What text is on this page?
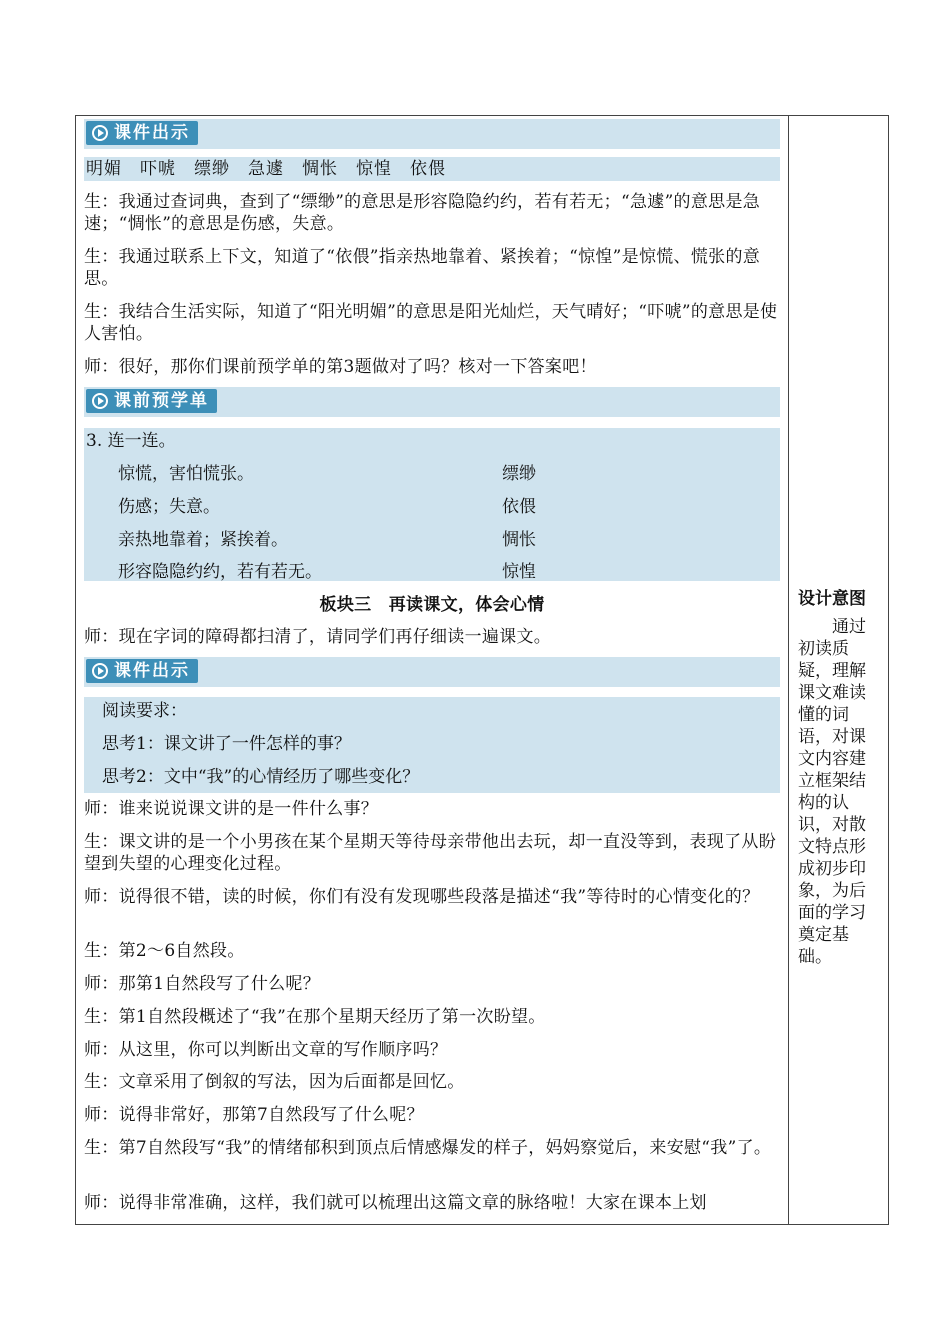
课件出示
明媚　吓唬　缥缈　急遽　惆怅　惊惶　依偎
生：我通过查词典，查到了“缥缈”的意思是形容隐隐约约，若有若无；“急遽”的意思是急速；“惆怅”的意思是伤感，失意。
生：我通过联系上下文，知道了“依偎”指亲热地靠着、紧挨着；“惊惶”是惊慌、慌张的意思。
生：我结合生活实际，知道了“阳光明媚”的意思是阳光灿烂，天气晴好；“吓唬”的意思是使人害怕。
师：很好，那你们课前预学单的第3题做对了吗？核对一下答案吧！
课前预学单
3. 连一连。
惊慌，害怕慌张。
伤感；失意。
亲热地靠着；紧挨着。
形容隐隐约约，若有若无。
缥缈
依偎
惆怅
惊惶
板块三　再读课文，体会心情
师：现在字词的障碍都扫清了，请同学们再仔细读一遍课文。
课件出示
阅读要求：
思考1：课文讲了一件怎样的事？
思考2：文中“我”的心情经历了哪些变化？
师：谁来说说课文讲的是一件什么事？
生：课文讲的是一个小男孩在某个星期天等待母亲带他出去玩，却一直没等到，表现了从盼望到失望的心理变化过程。
师：说得很不错，读的时候，你们有没有发现哪些段落是描述“我”等待时的心情变化的？
生：第2～6自然段。
师：那第1自然段写了什么呢？
生：第1自然段概述了“我”在那个星期天经历了第一次盼望。
师：从这里，你可以判断出文章的写作顺序吗？
生：文章采用了倒叙的写法，因为后面都是回忆。
师：说得非常好，那第7自然段写了什么呢？
生：第7自然段写“我”的情绪郁积到顶点后情感爆发的样子，妈妈察觉后，来安慰“我”了。
师：说得非常准确，这样，我们就可以梳理出这篇文章的脉络啦！大家在课本上划
设计意图
通过初读质疑，理解课文难读懂的词语，对课文内容建立框架结构的认识，对散文特点形成初步印象，为后面的学习奠定基础。
